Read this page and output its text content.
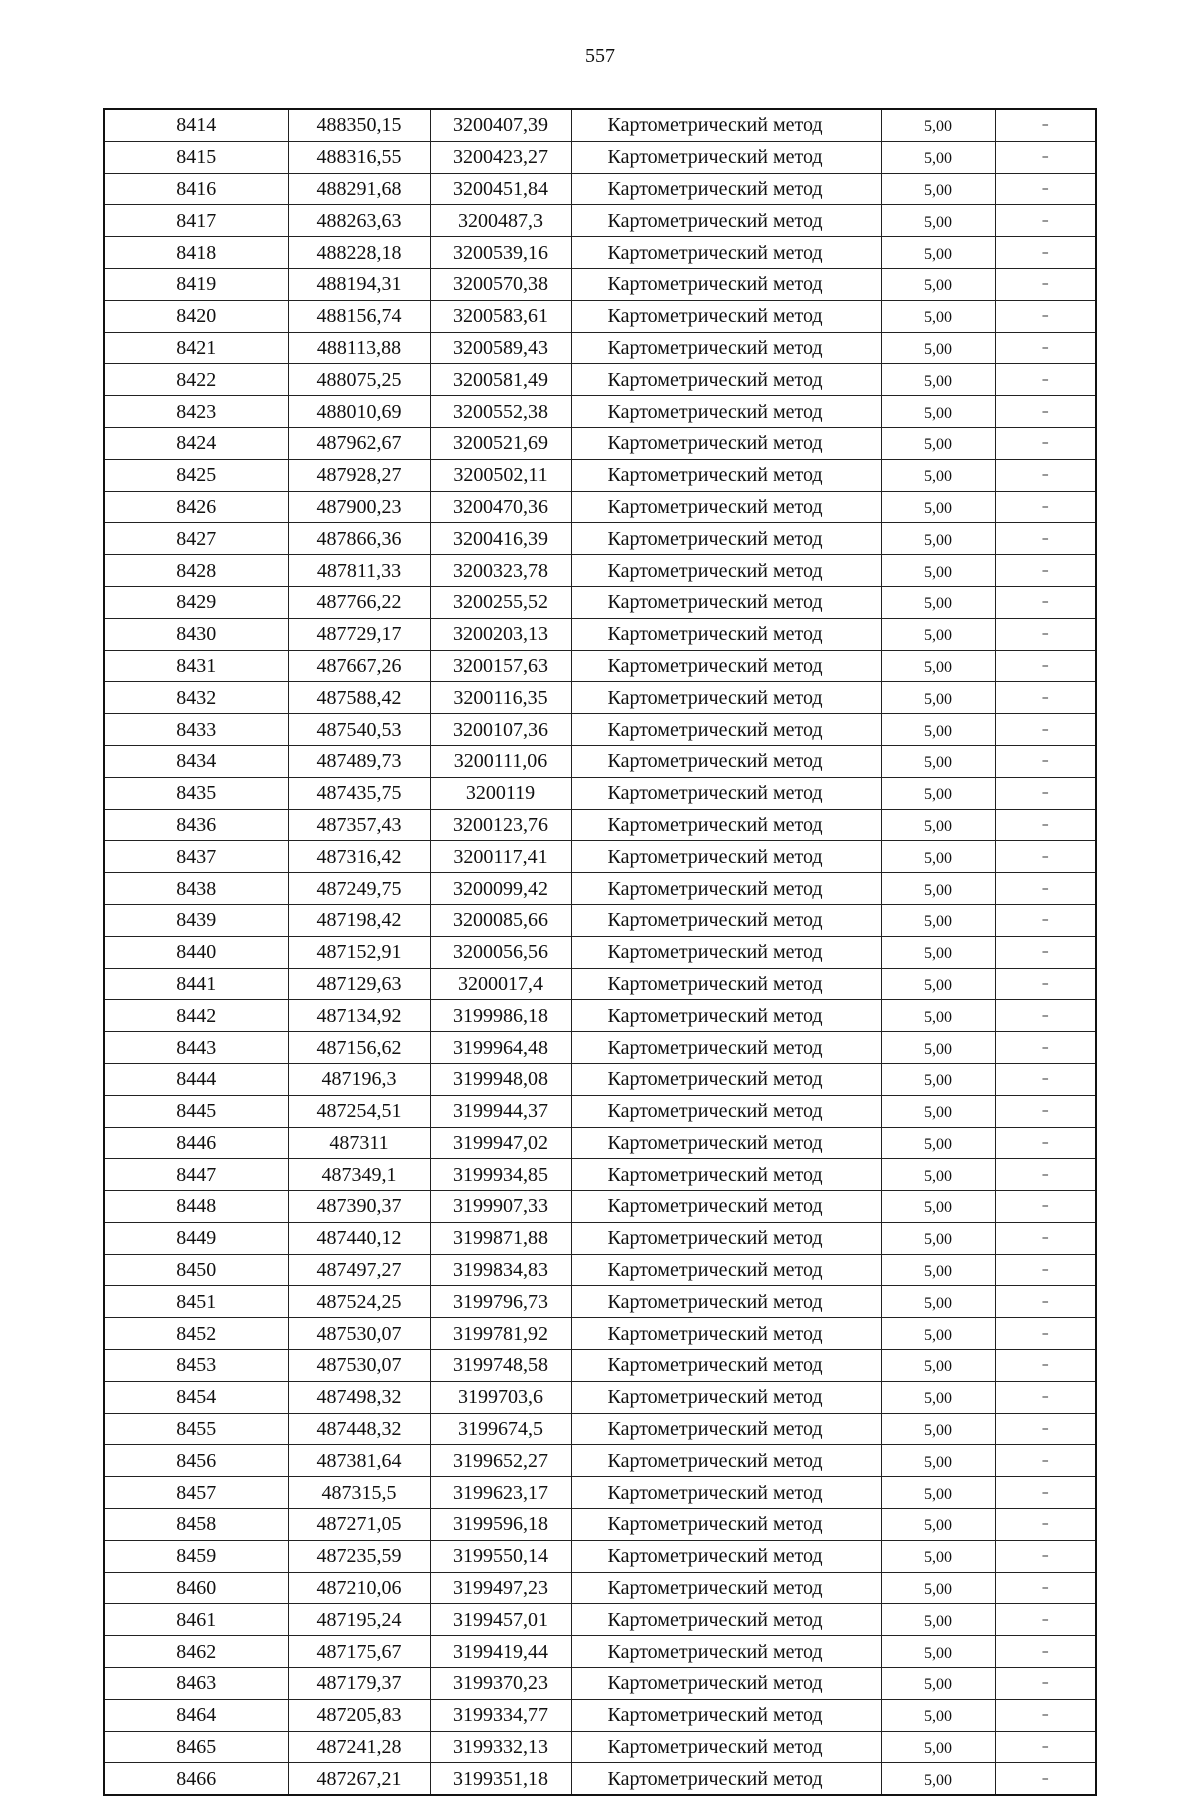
557
8414	488350,15	3200407,39	Картометрический метод	5,00	–
8415	488316,55	3200423,27	Картометрический метод	5,00	–
8416	488291,68	3200451,84	Картометрический метод	5,00	–
8417	488263,63	3200487,3	Картометрический метод	5,00	–
8418	488228,18	3200539,16	Картометрический метод	5,00	–
8419	488194,31	3200570,38	Картометрический метод	5,00	–
8420	488156,74	3200583,61	Картометрический метод	5,00	–
8421	488113,88	3200589,43	Картометрический метод	5,00	–
8422	488075,25	3200581,49	Картометрический метод	5,00	–
8423	488010,69	3200552,38	Картометрический метод	5,00	–
8424	487962,67	3200521,69	Картометрический метод	5,00	–
8425	487928,27	3200502,11	Картометрический метод	5,00	–
8426	487900,23	3200470,36	Картометрический метод	5,00	–
8427	487866,36	3200416,39	Картометрический метод	5,00	–
8428	487811,33	3200323,78	Картометрический метод	5,00	–
8429	487766,22	3200255,52	Картометрический метод	5,00	–
8430	487729,17	3200203,13	Картометрический метод	5,00	–
8431	487667,26	3200157,63	Картометрический метод	5,00	–
8432	487588,42	3200116,35	Картометрический метод	5,00	–
8433	487540,53	3200107,36	Картометрический метод	5,00	–
8434	487489,73	3200111,06	Картометрический метод	5,00	–
8435	487435,75	3200119	Картометрический метод	5,00	–
8436	487357,43	3200123,76	Картометрический метод	5,00	–
8437	487316,42	3200117,41	Картометрический метод	5,00	–
8438	487249,75	3200099,42	Картометрический метод	5,00	–
8439	487198,42	3200085,66	Картометрический метод	5,00	–
8440	487152,91	3200056,56	Картометрический метод	5,00	–
8441	487129,63	3200017,4	Картометрический метод	5,00	–
8442	487134,92	3199986,18	Картометрический метод	5,00	–
8443	487156,62	3199964,48	Картометрический метод	5,00	–
8444	487196,3	3199948,08	Картометрический метод	5,00	–
8445	487254,51	3199944,37	Картометрический метод	5,00	–
8446	487311	3199947,02	Картометрический метод	5,00	–
8447	487349,1	3199934,85	Картометрический метод	5,00	–
8448	487390,37	3199907,33	Картометрический метод	5,00	–
8449	487440,12	3199871,88	Картометрический метод	5,00	–
8450	487497,27	3199834,83	Картометрический метод	5,00	–
8451	487524,25	3199796,73	Картометрический метод	5,00	–
8452	487530,07	3199781,92	Картометрический метод	5,00	–
8453	487530,07	3199748,58	Картометрический метод	5,00	–
8454	487498,32	3199703,6	Картометрический метод	5,00	–
8455	487448,32	3199674,5	Картометрический метод	5,00	–
8456	487381,64	3199652,27	Картометрический метод	5,00	–
8457	487315,5	3199623,17	Картометрический метод	5,00	–
8458	487271,05	3199596,18	Картометрический метод	5,00	–
8459	487235,59	3199550,14	Картометрический метод	5,00	–
8460	487210,06	3199497,23	Картометрический метод	5,00	–
8461	487195,24	3199457,01	Картометрический метод	5,00	–
8462	487175,67	3199419,44	Картометрический метод	5,00	–
8463	487179,37	3199370,23	Картометрический метод	5,00	–
8464	487205,83	3199334,77	Картометрический метод	5,00	–
8465	487241,28	3199332,13	Картометрический метод	5,00	–
8466	487267,21	3199351,18	Картометрический метод	5,00	–
